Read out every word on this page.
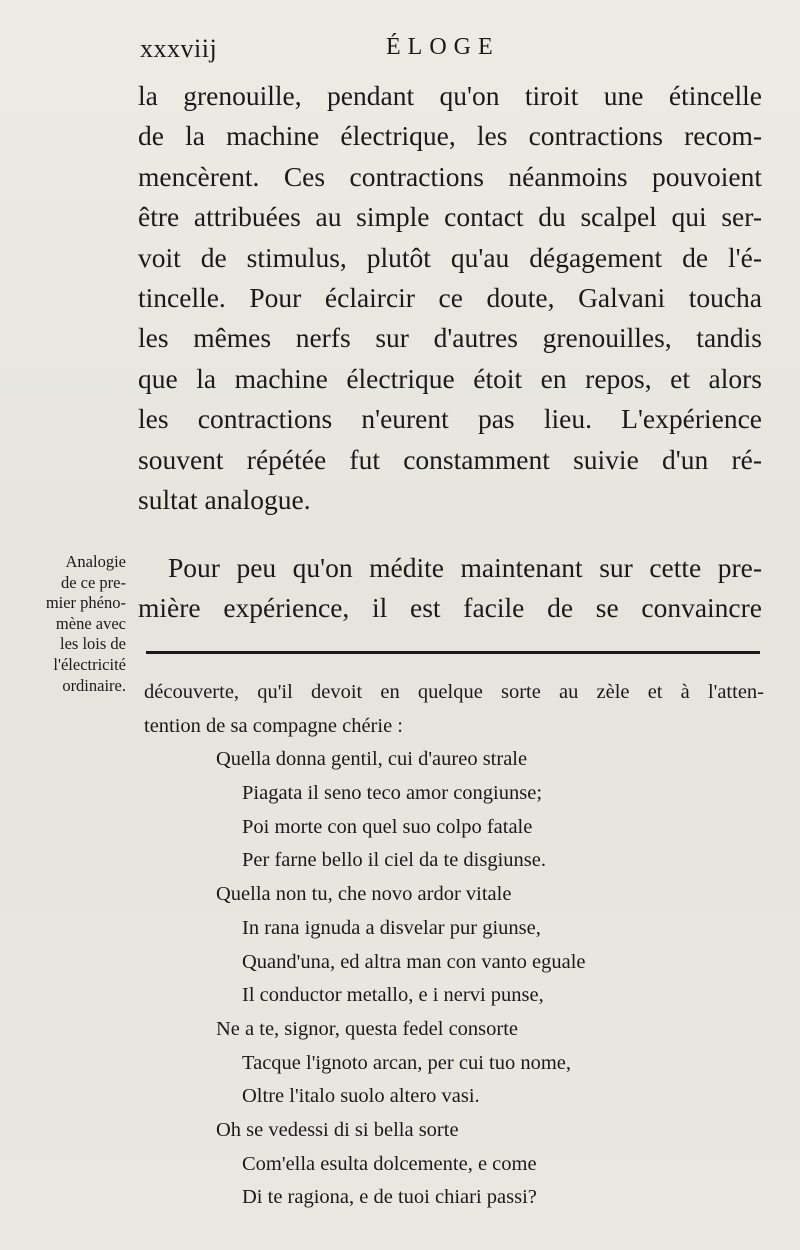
xxxviij	ÉLOGE
la grenouille, pendant qu'on tiroit une étincelle
de la machine électrique, les contractions recom-
mencèrent. Ces contractions néanmoins pouvoient
être attribuées au simple contact du scalpel qui ser-
voit de stimulus, plutôt qu'au dégagement de l'é-
tincelle. Pour éclaircir ce doute, Galvani toucha
les mêmes nerfs sur d'autres grenouilles, tandis
que la machine électrique étoit en repos, et alors
les contractions n'eurent pas lieu. L'expérience
souvent répétée fut constamment suivie d'un ré-
sultat analogue.
Analogie
de ce pre-
mier phéno-
mène avec
les lois de
l'électricité
ordinaire.
Pour peu qu'on médite maintenant sur cette pre-
mière expérience, il est facile de se convaincre
découverte, qu'il devoit en quelque sorte au zèle et à l'atten-
tention de sa compagne chérie :
Quella donna gentil, cui d'aureo strale
Piagata il seno teco amor congiunse;
Poi morte con quel suo colpo fatale
Per farne bello il ciel da te disgiunse.
Quella non tu, che novo ardor vitale
In rana ignuda a disvelar pur giunse,
Quand'una, ed altra man con vanto eguale
Il conductor metallo, e i nervi punse,
Ne a te, signor, questa fedel consorte
Tacque l'ignoto arcan, per cui tuo nome,
Oltre l'italo suolo altero vasi.
Oh se vedessi di si bella sorte
Com'ella esulta dolcemente, e come
Di te ragiona, e de tuoi chiari passi?
